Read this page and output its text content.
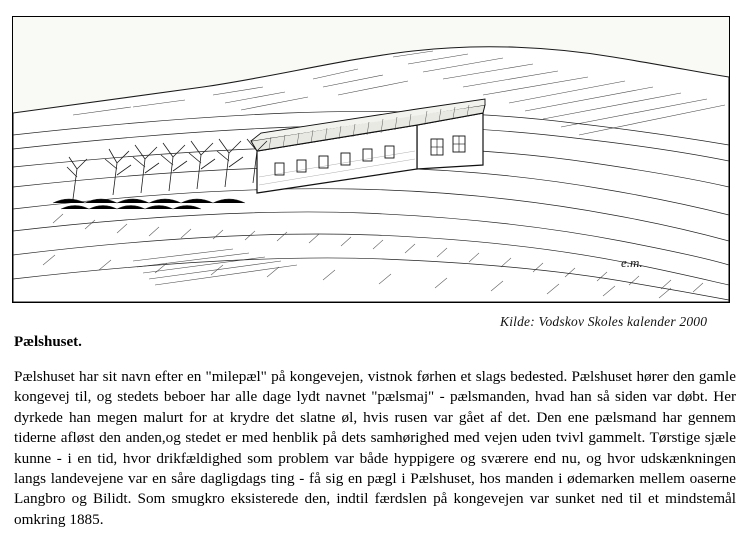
e.m.
Kilde: Vodskov Skoles kalender 2000
Pælshuset.

Pælshuset har sit navn efter en "milepæl" på kongevejen, vistnok førhen et slags bedested. Pælshuset hører den gamle kongevej til, og stedets beboer har alle dage lydt navnet "pælsmaj" - pælsmanden, hvad han så siden var døbt. Her dyrkede han megen malurt for at krydre det slatne øl, hvis rusen var gået af det. Den ene pælsmand har gennem tiderne afløst den anden,og stedet er med henblik på dets samhørighed med vejen uden tvivl gammelt. Tørstige sjæle kunne - i en tid, hvor drikfældighed som problem var både hyppigere og sværere end nu, og hvor udskænkningen langs landevejene var en såre dagligdags ting - få sig en pægl i Pælshuset, hos manden i ødemarken mellem oaserne Langbro og Bilidt. Som smugkro eksisterede den, indtil færdslen på kongevejen var sunket ned til et mindstemål omkring 1885.
